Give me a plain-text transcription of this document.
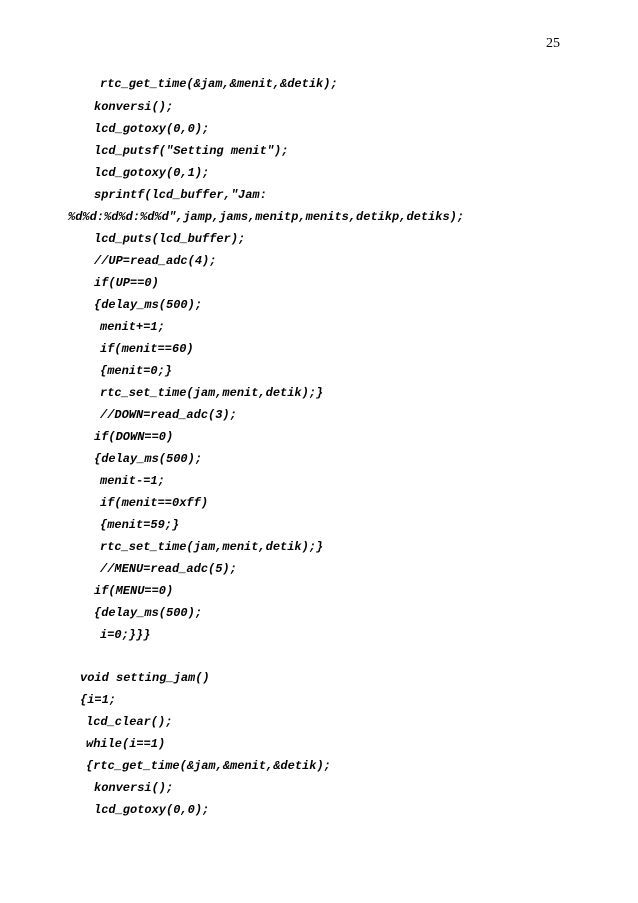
25
rtc_get_time(&jam,&menit,&detik);
konversi();
lcd_gotoxy(0,0);
lcd_putsf("Setting menit");
lcd_gotoxy(0,1);
sprintf(lcd_buffer,"Jam:
%d%d:%d%d:%d%d",jamp,jams,menitp,menits,detikp,detiks);
lcd_puts(lcd_buffer);
//UP=read_adc(4);
if(UP==0)
{delay_ms(500);
menit+=1;
if(menit==60)
{menit=0;}
rtc_set_time(jam,menit,detik);}
//DOWN=read_adc(3);
if(DOWN==0)
{delay_ms(500);
menit-=1;
if(menit==0xff)
{menit=59;}
rtc_set_time(jam,menit,detik);}
//MENU=read_adc(5);
if(MENU==0)
{delay_ms(500);
i=0;}}}
void setting_jam()
{i=1;
lcd_clear();
while(i==1)
{rtc_get_time(&jam,&menit,&detik);
konversi();
lcd_gotoxy(0,0);
